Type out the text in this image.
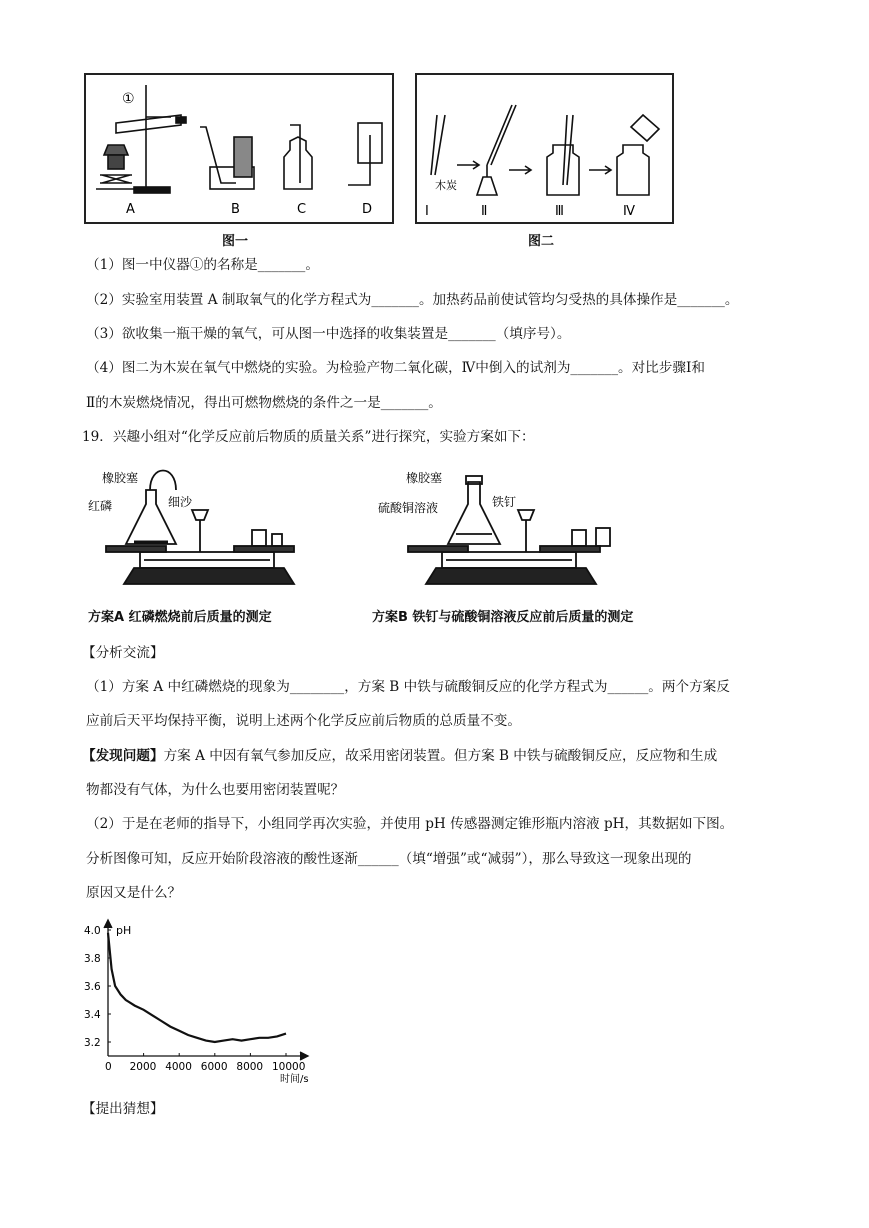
①
A	B	C	D
图一
木炭
Ⅰ	Ⅱ	Ⅲ	Ⅳ
图二
（1）图一中仪器①的名称是_______。
（2）实验室用装置 A 制取氧气的化学方程式为_______。加热药品前使试管均匀受热的具体操作是_______。
（3）欲收集一瓶干燥的氧气，可从图一中选择的收集装置是_______（填序号）。
（4）图二为木炭在氧气中燃烧的实验。为检验产物二氧化碳，Ⅳ中倒入的试剂为_______。对比步骤Ⅰ和
Ⅱ的木炭燃烧情况，得出可燃物燃烧的条件之一是_______。
19．兴趣小组对“化学反应前后物质的质量关系”进行探究，实验方案如下：
橡胶塞
红磷	细沙
方案A 红磷燃烧前后质量的测定
橡胶塞
硫酸铜溶液	铁钉
方案B 铁钉与硫酸铜溶液反应前后质量的测定
【分析交流】
（1）方案 A 中红磷燃烧的现象为________，方案 B 中铁与硫酸铜反应的化学方程式为______。两个方案反
应前后天平均保持平衡，说明上述两个化学反应前后物质的总质量不变。
【发现问题】方案 A 中因有氧气参加反应，故采用密闭装置。但方案 B 中铁与硫酸铜反应，反应物和生成
物都没有气体，为什么也要用密闭装置呢？
（2）于是在老师的指导下，小组同学再次实验，并使用 pH 传感器测定锥形瓶内溶液 pH，其数据如下图。
分析图像可知，反应开始阶段溶液的酸性逐渐______（填“增强”或“减弱”），那么导致这一现象出现的
原因又是什么？
0 2000 4000 6000 8000 10000
3.2
3.4
3.6
3.8
4.0 pH
时间/s
【提出猜想】
